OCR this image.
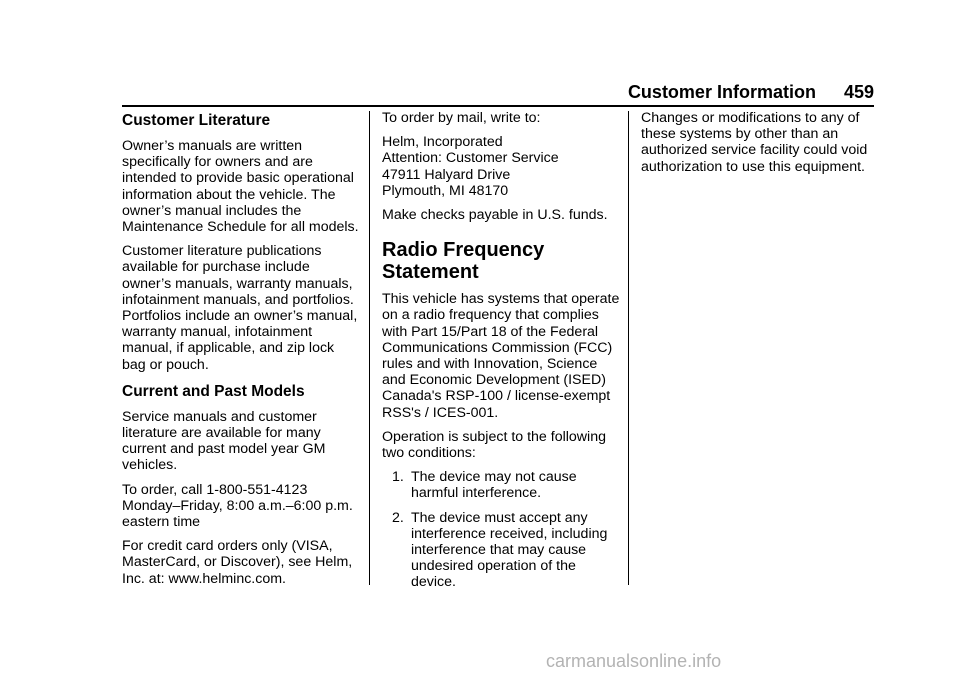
Customer Information 459
Customer Literature

Owner’s manuals are written specifically for owners and are intended to provide basic operational information about the vehicle. The owner’s manual includes the Maintenance Schedule for all models.

Customer literature publications available for purchase include owner’s manuals, warranty manuals, infotainment manuals, and portfolios. Portfolios include an owner’s manual, warranty manual, infotainment manual, if applicable, and zip lock bag or pouch.

Current and Past Models

Service manuals and customer literature are available for many current and past model year GM vehicles.

To order, call 1-800-551-4123
Monday–Friday, 8:00 a.m.–6:00 p.m.
eastern time

For credit card orders only (VISA, MasterCard, or Discover), see Helm, Inc. at: www.helminc.com.

To order by mail, write to:

Helm, Incorporated

Attention: Customer Service

47911 Halyard Drive

Plymouth, MI 48170

Make checks payable in U.S. funds.

Radio Frequency
Statement

This vehicle has systems that operate on a radio frequency that complies with Part 15/Part 18 of the Federal Communications Commission (FCC) rules and with Innovation, Science and Economic Development (ISED) Canada's RSP-100 / license-exempt RSS's / ICES-001.

Operation is subject to the following two conditions:

1. The device may not cause harmful interference.
2. The device must accept any interference received, including interference that may cause undesired operation of the device.

Changes or modifications to any of these systems by other than an authorized service facility could void authorization to use this equipment.

carmanualsonline.info
